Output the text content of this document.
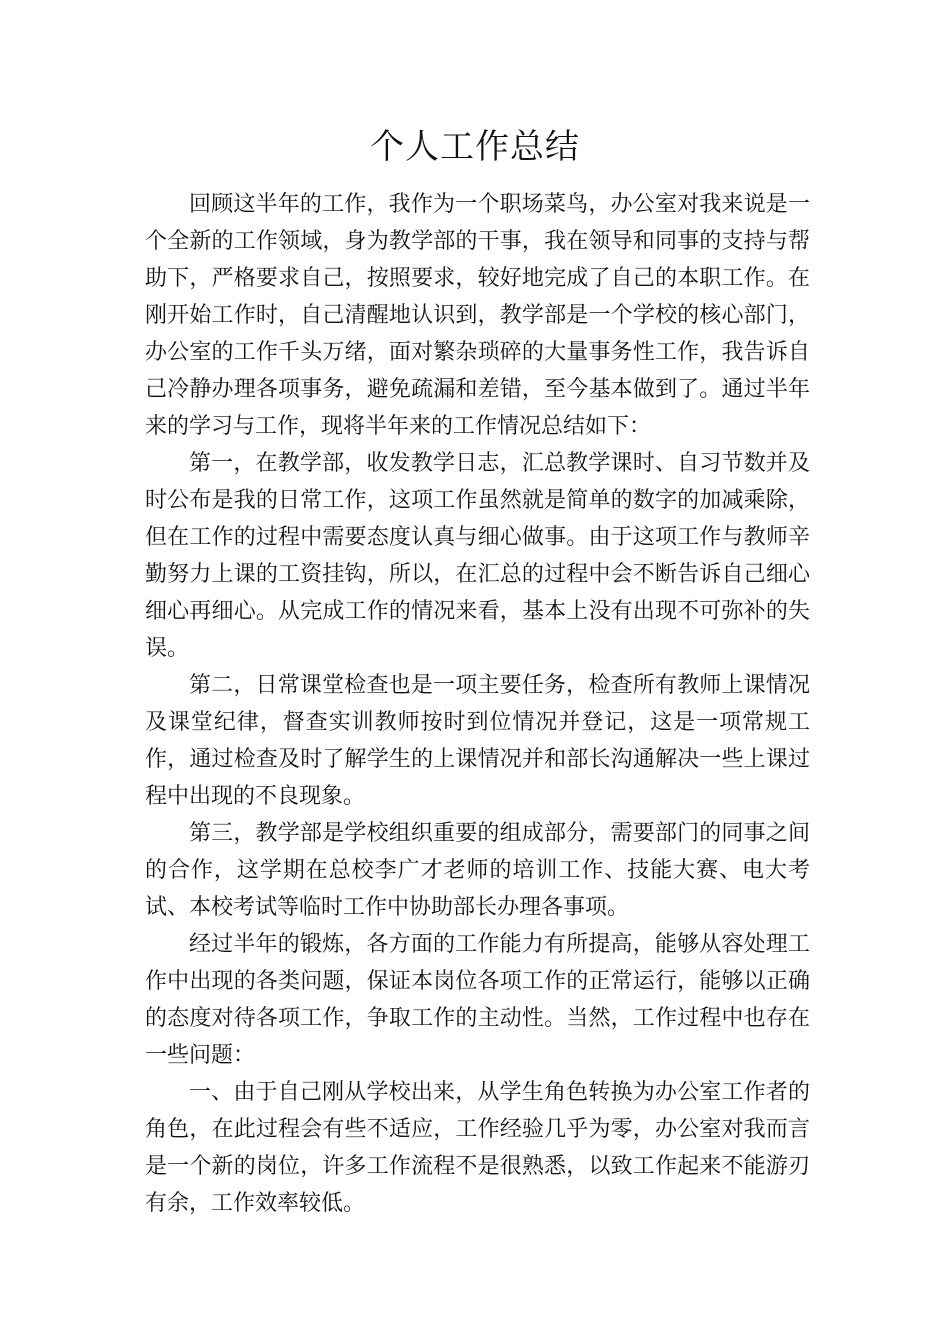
个人工作总结

回顾这半年的工作，我作为一个职场菜鸟，办公室对我来说是一个全新的工作领域，身为教学部的干事，我在领导和同事的支持与帮助下，严格要求自己，按照要求，较好地完成了自己的本职工作。在刚开始工作时，自己清醒地认识到，教学部是一个学校的核心部门，办公室的工作千头万绪，面对繁杂琐碎的大量事务性工作，我告诉自己冷静办理各项事务，避免疏漏和差错，至今基本做到了。通过半年来的学习与工作，现将半年来的工作情况总结如下：

第一，在教学部，收发教学日志，汇总教学课时、自习节数并及时公布是我的日常工作，这项工作虽然就是简单的数字的加减乘除，但在工作的过程中需要态度认真与细心做事。由于这项工作与教师辛勤努力上课的工资挂钩，所以，在汇总的过程中会不断告诉自己细心细心再细心。从完成工作的情况来看，基本上没有出现不可弥补的失误。

第二，日常课堂检查也是一项主要任务，检查所有教师上课情况及课堂纪律，督查实训教师按时到位情况并登记，这是一项常规工作，通过检查及时了解学生的上课情况并和部长沟通解决一些上课过程中出现的不良现象。

第三，教学部是学校组织重要的组成部分，需要部门的同事之间的合作，这学期在总校李广才老师的培训工作、技能大赛、电大考试、本校考试等临时工作中协助部长办理各事项。

经过半年的锻炼，各方面的工作能力有所提高，能够从容处理工作中出现的各类问题，保证本岗位各项工作的正常运行，能够以正确的态度对待各项工作，争取工作的主动性。当然，工作过程中也存在一些问题：

一、由于自己刚从学校出来，从学生角色转换为办公室工作者的角色，在此过程会有些不适应，工作经验几乎为零，办公室对我而言是一个新的岗位，许多工作流程不是很熟悉，以致工作起来不能游刃有余，工作效率较低。
